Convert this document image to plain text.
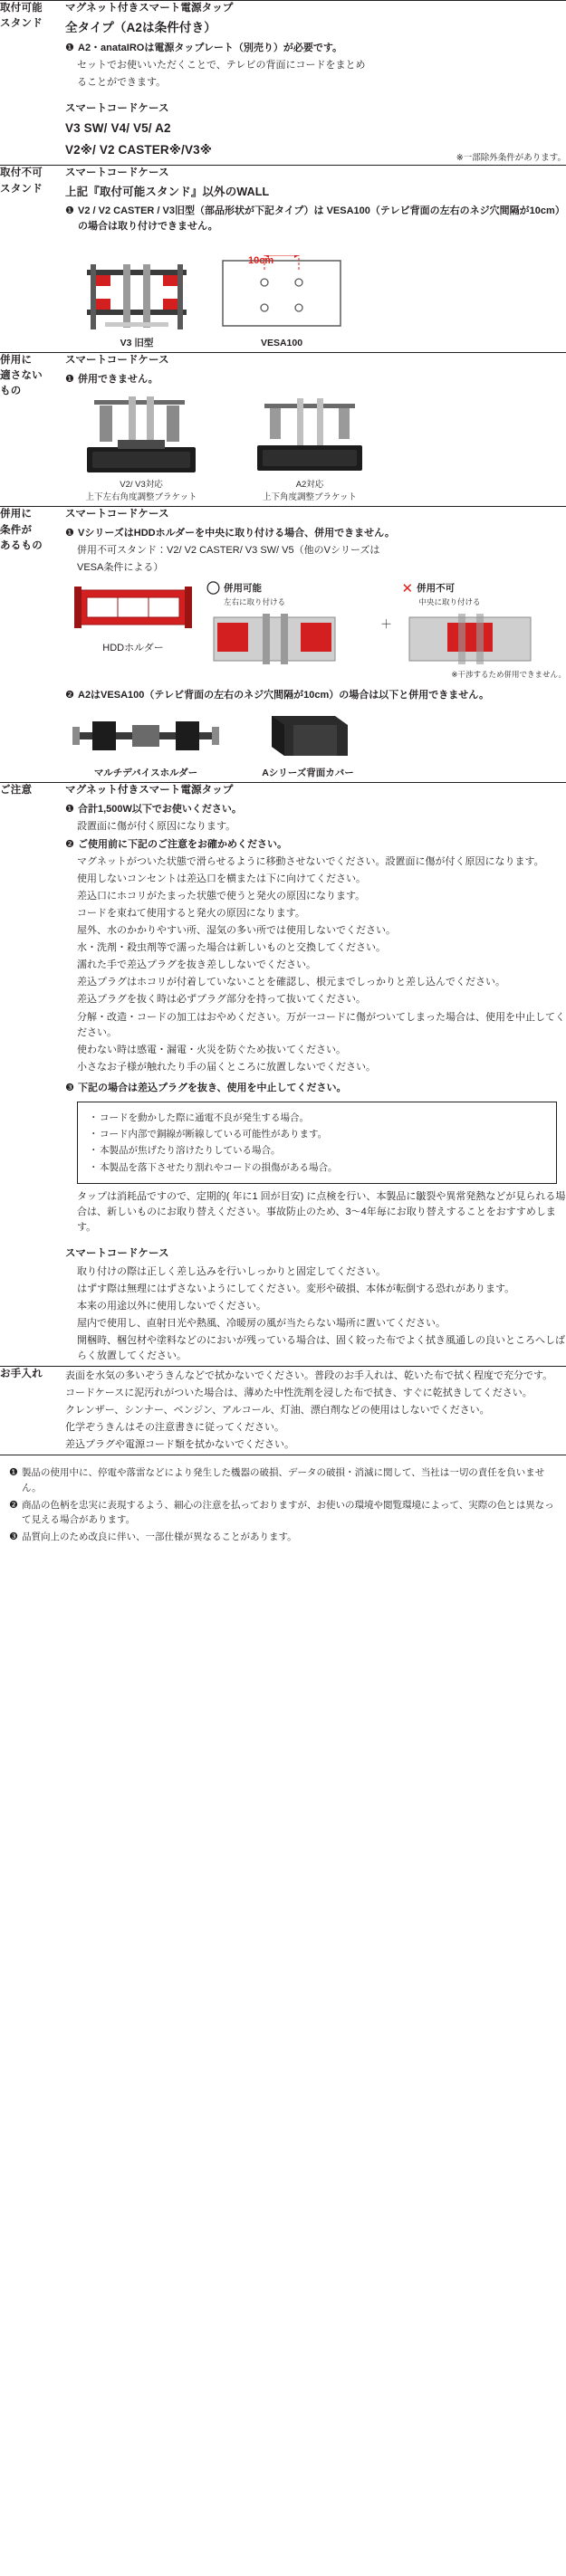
取付可能
スタンド

マグネット付きスマート電源タップ
全タイプ（A2は条件付き）
❶ A2・anataIROは電源タップレート（別売り）が必要です。
セットでお使いいただくことで、テレビの背面にコードをまとめ
ることができます。
スマートコードケース
V3 SW/ V4/ V5/ A2
V2※/ V2 CASTER※/V3※
※一部除外条件があります。

取付不可
スタンド

スマートコードケース
上記『取付可能スタンド』以外のWALL
❶ V2 / V2 CASTER / V3旧型（部品形状が下記タイプ）は VESA100（テレビ背面の左右のネジ穴間隔が10cm）の場合は取り付けできません。
V3 旧型
10cm
VESA100

併用に
適さない
もの

スマートコードケース
❶ 併用できません。
V2/ V3対応
上下左右角度調整ブラケット
A2対応
上下角度調整ブラケット

併用に
条件が
あるもの

スマートコードケース
❶ VシリーズはHDDホルダーを中央に取り付ける場合、併用できません。
併用不可スタンド：V2/ V2 CASTER/ V3 SW/ V5（他のVシリーズは
VESA条件による）
HDDホルダー
〇 併用可能
左右に取り付ける
＋
✕ 併用不可
中央に取り付ける
※干渉するため併用できません。
❷ A2はVESA100（テレビ背面の左右のネジ穴間隔が10cm）の場合は以下と併用できません。
マルチデバイスホルダー	Aシリーズ背面カバー

ご注意	マグネット付きスマート電源タップ
❶ 合計1,500W以下でお使いください。
設置面に傷が付く原因になります。
❷ ご使用前に下記のご注意をお確かめください。
マグネットがついた状態で滑らせるように移動させないでください。設置面に傷が付く原因になります。
使用しないコンセントは差込口を横または下に向けてください。
差込口にホコリがたまった状態で使うと発火の原因になります。
コードを束ねて使用すると発火の原因になります。
屋外、水のかかりやすい所、湿気の多い所では使用しないでください。
水・洗剤・殺虫剤等で濡った場合は新しいものと交換してください。
濡れた手で差込プラグを抜き差ししないでください。
差込プラグはホコリが付着していないことを確認し、根元までしっかりと差し込んでください。
差込プラグを抜く時は必ずプラグ部分を持って抜いてください。
分解・改造・コードの加工はおやめください。万が一コードに傷がついてしまった場合は、使用を中止してください。
使わない時は感電・漏電・火災を防ぐため抜いてください。
小さなお子様が触れたり手の届くところに放置しないでください。
❸ 下記の場合は差込プラグを抜き、使用を中止してください。
・ コードを動かした際に通電不良が発生する場合。
・ コード内部で銅線が断線している可能性があります。
・ 本製品が焦げたり溶けたりしている場合。
・ 本製品を落下させたり割れやコードの損傷がある場合。
タップは消耗品ですので、定期的( 年に1 回が目安) に点検を行い、本製品に皺裂や異常発熱などが見られる場合は、新しいものにお取り替えください。事故防止のため、3〜4年毎にお取り替えすることをおすすめします。
スマートコードケース
取り付けの際は正しく差し込みを行いしっかりと固定してください。
はずす際は無理にはずさないようにしてください。変形や破損、本体が転倒する恐れがあります。
本来の用途以外に使用しないでください。
屋内で使用し、直射日光や熱風、冷暖房の風が当たらない場所に置いてください。
開梱時、梱包材や塗料などのにおいが残っている場合は、固く絞った布でよく拭き風通しの良いところへしばらく放置してください。

お手入れ	表面を水気の多いぞうきんなどで拭かないでください。普段のお手入れは、乾いた布で拭く程度で充分です。
コードケースに泥汚れがついた場合は、薄めた中性洗剤を浸した布で拭き、すぐに乾拭きしてください。
クレンザー、シンナー、ベンジン、アルコール、灯油、漂白剤などの使用はしないでください。
化学ぞうきんはその注意書きに従ってください。
差込プラグや電源コード類を拭かないでください。
❶ 製品の使用中に、停電や落雷などにより発生した機器の破損、データの破損・消滅に関して、当社は一切の責任を負いません。
❷ 商品の色柄を忠実に表現するよう、細心の注意を払っておりますが、お使いの環境や閲覧環境によって、実際の色とは異なって見える場合があります。
❸ 品質向上のため改良に伴い、一部仕様が異なることがあります。
